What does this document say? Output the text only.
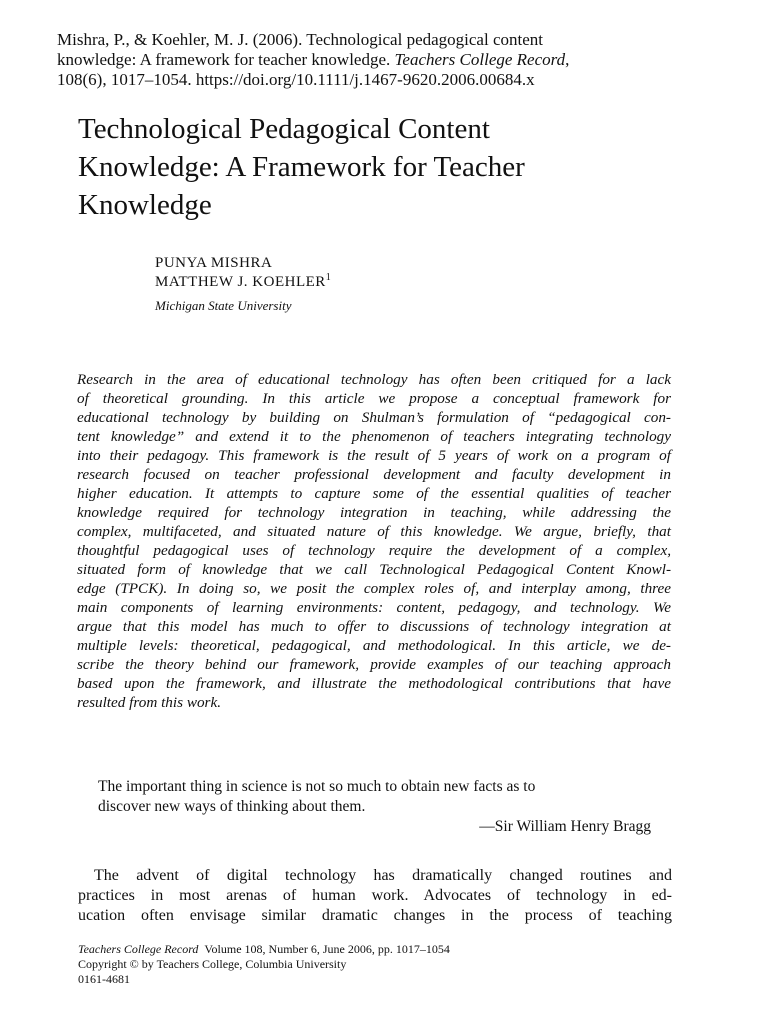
Mishra, P., & Koehler, M. J. (2006). Technological pedagogical content
knowledge: A framework for teacher knowledge. Teachers College Record,
108(6), 1017–1054. https://doi.org/10.1111/j.1467-9620.2006.00684.x
Technological Pedagogical Content
Knowledge: A Framework for Teacher
Knowledge
PUNYA MISHRA
MATTHEW J. KOEHLER$^1$
Michigan State University
Research in the area of educational technology has often been critiqued for a lack
of theoretical grounding. In this article we propose a conceptual framework for
educational technology by building on Shulman’s formulation of “pedagogical con-
tent knowledge” and extend it to the phenomenon of teachers integrating technology
into their pedagogy. This framework is the result of 5 years of work on a program of
research focused on teacher professional development and faculty development in
higher education. It attempts to capture some of the essential qualities of teacher
knowledge required for technology integration in teaching, while addressing the
complex, multifaceted, and situated nature of this knowledge. We argue, briefly, that
thoughtful pedagogical uses of technology require the development of a complex,
situated form of knowledge that we call Technological Pedagogical Content Knowl-
edge (TPCK). In doing so, we posit the complex roles of, and interplay among, three
main components of learning environments: content, pedagogy, and technology. We
argue that this model has much to offer to discussions of technology integration at
multiple levels: theoretical, pedagogical, and methodological. In this article, we de-
scribe the theory behind our framework, provide examples of our teaching approach
based upon the framework, and illustrate the methodological contributions that have
resulted from this work.
The important thing in science is not so much to obtain new facts as to
discover new ways of thinking about them.
—Sir William Henry Bragg
The advent of digital technology has dramatically changed routines and
practices in most arenas of human work. Advocates of technology in ed-
ucation often envisage similar dramatic changes in the process of teaching
Teachers College Record Volume 108, Number 6, June 2006, pp. 1017–1054
Copyright © by Teachers College, Columbia University
0161-4681
